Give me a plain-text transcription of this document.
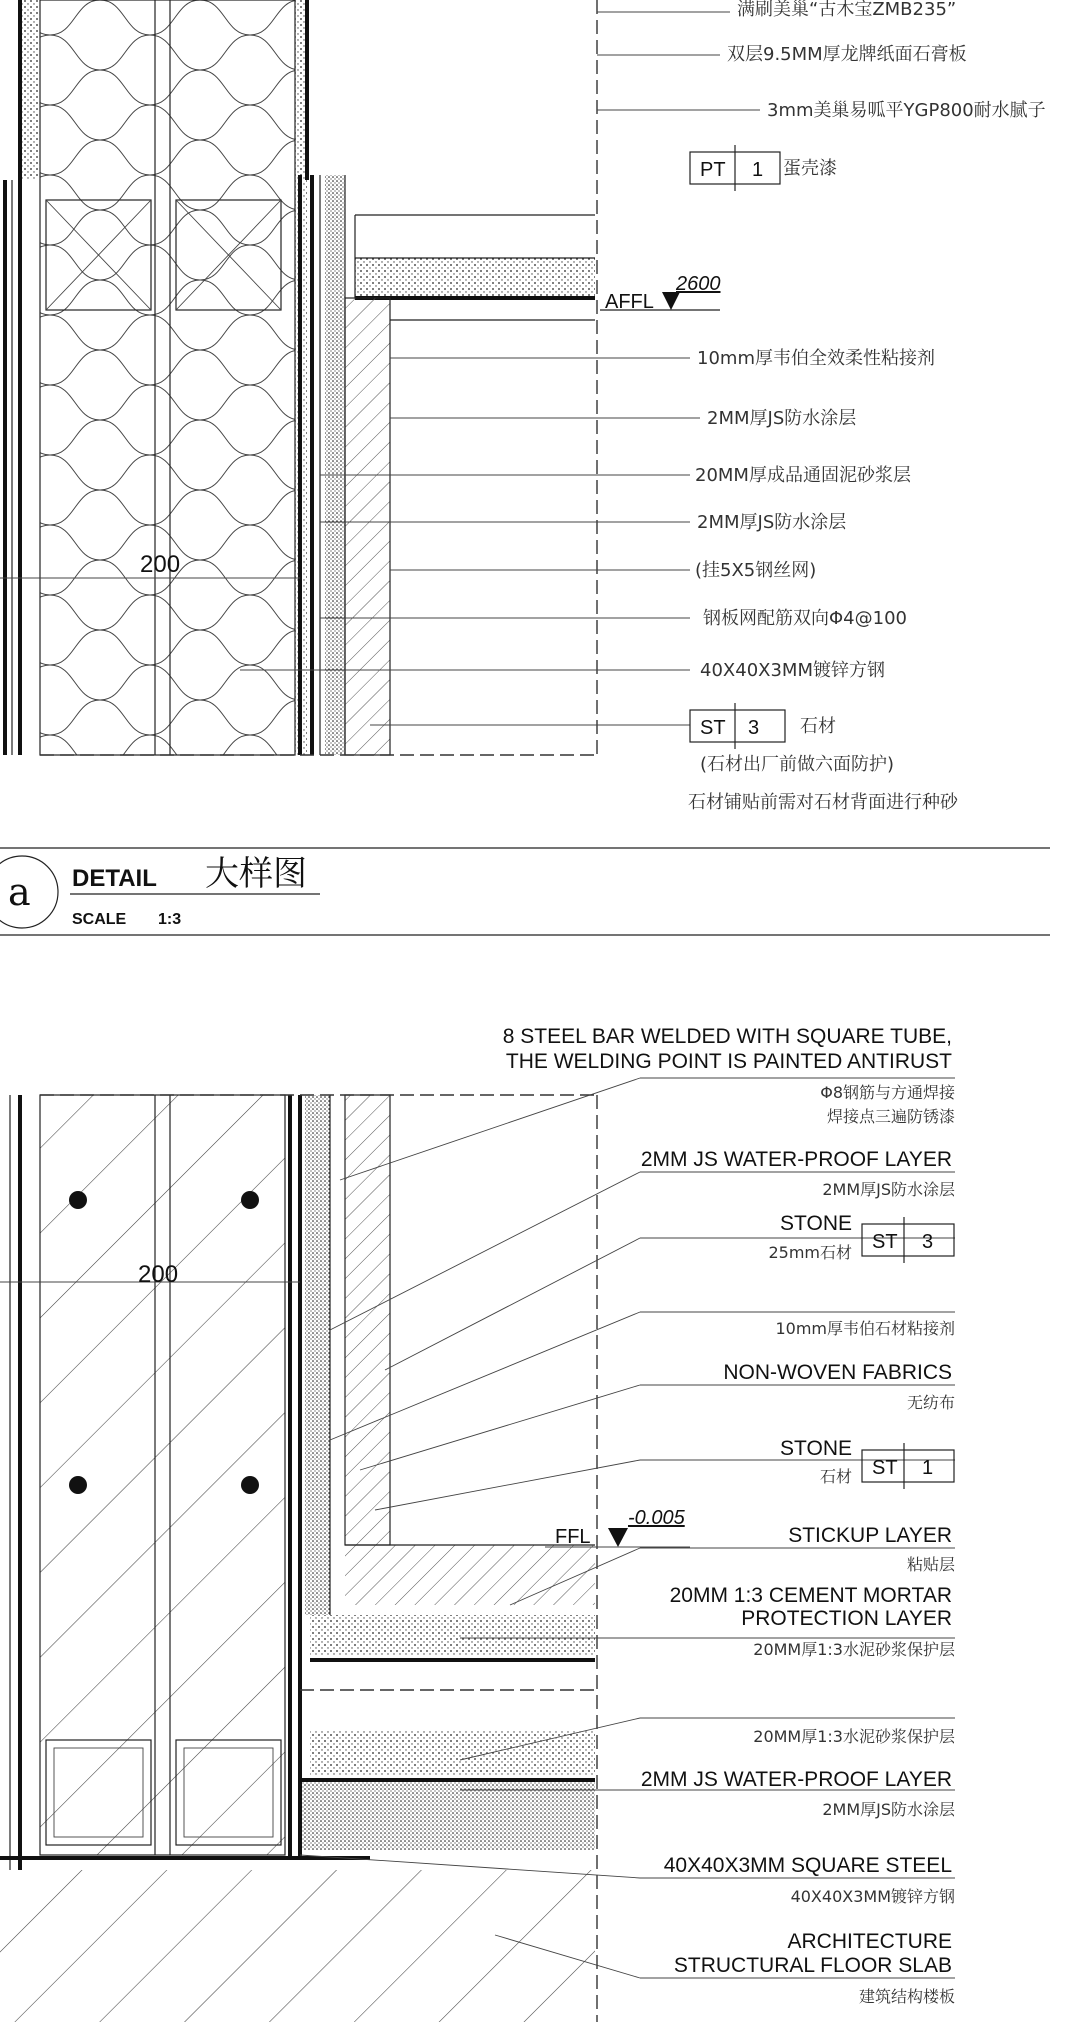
200
满刷美巢“古木宝ZMB235”
双层9.5MM厚龙牌纸面石膏板
3mm美巢易呱平YGP800耐水腻子
蛋壳漆
10mm厚韦伯全效柔性粘接剂
2MM厚JS防水涂层
20MM厚成品通固泥砂浆层
2MM厚JS防水涂层
(挂5X5钢丝网)
钢板网配筋双向Φ4@100
40X40X3MM镀锌方钢
石材
(石材出厂前做六面防护)
石材铺贴前需对石材背面进行种砂
PT 1
ST 3
AFFL
2600
a DETAIL 大样图
SCALE 1:3
200
FFL
-0.005
8 STEEL BAR WELDED WITH SQUARE TUBE,
THE WELDING POINT IS PAINTED ANTIRUST
Φ8钢筋与方通焊接
焊接点三遍防锈漆
2MM JS WATER-PROOF LAYER
2MM厚JS防水涂层
STONE
25mm石材
10mm厚韦伯石材粘接剂
NON-WOVEN FABRICS
无纺布
STONE
石材
STICKUP LAYER
粘贴层
20MM 1:3 CEMENT MORTAR
PROTECTION LAYER
20MM厚1:3水泥砂浆保护层
20MM厚1:3水泥砂浆保护层
2MM JS WATER-PROOF LAYER
2MM厚JS防水涂层
40X40X3MM SQUARE STEEL
40X40X3MM镀锌方钢
ARCHITECTURE
STRUCTURAL FLOOR SLAB
建筑结构楼板
ST 3
ST 1
